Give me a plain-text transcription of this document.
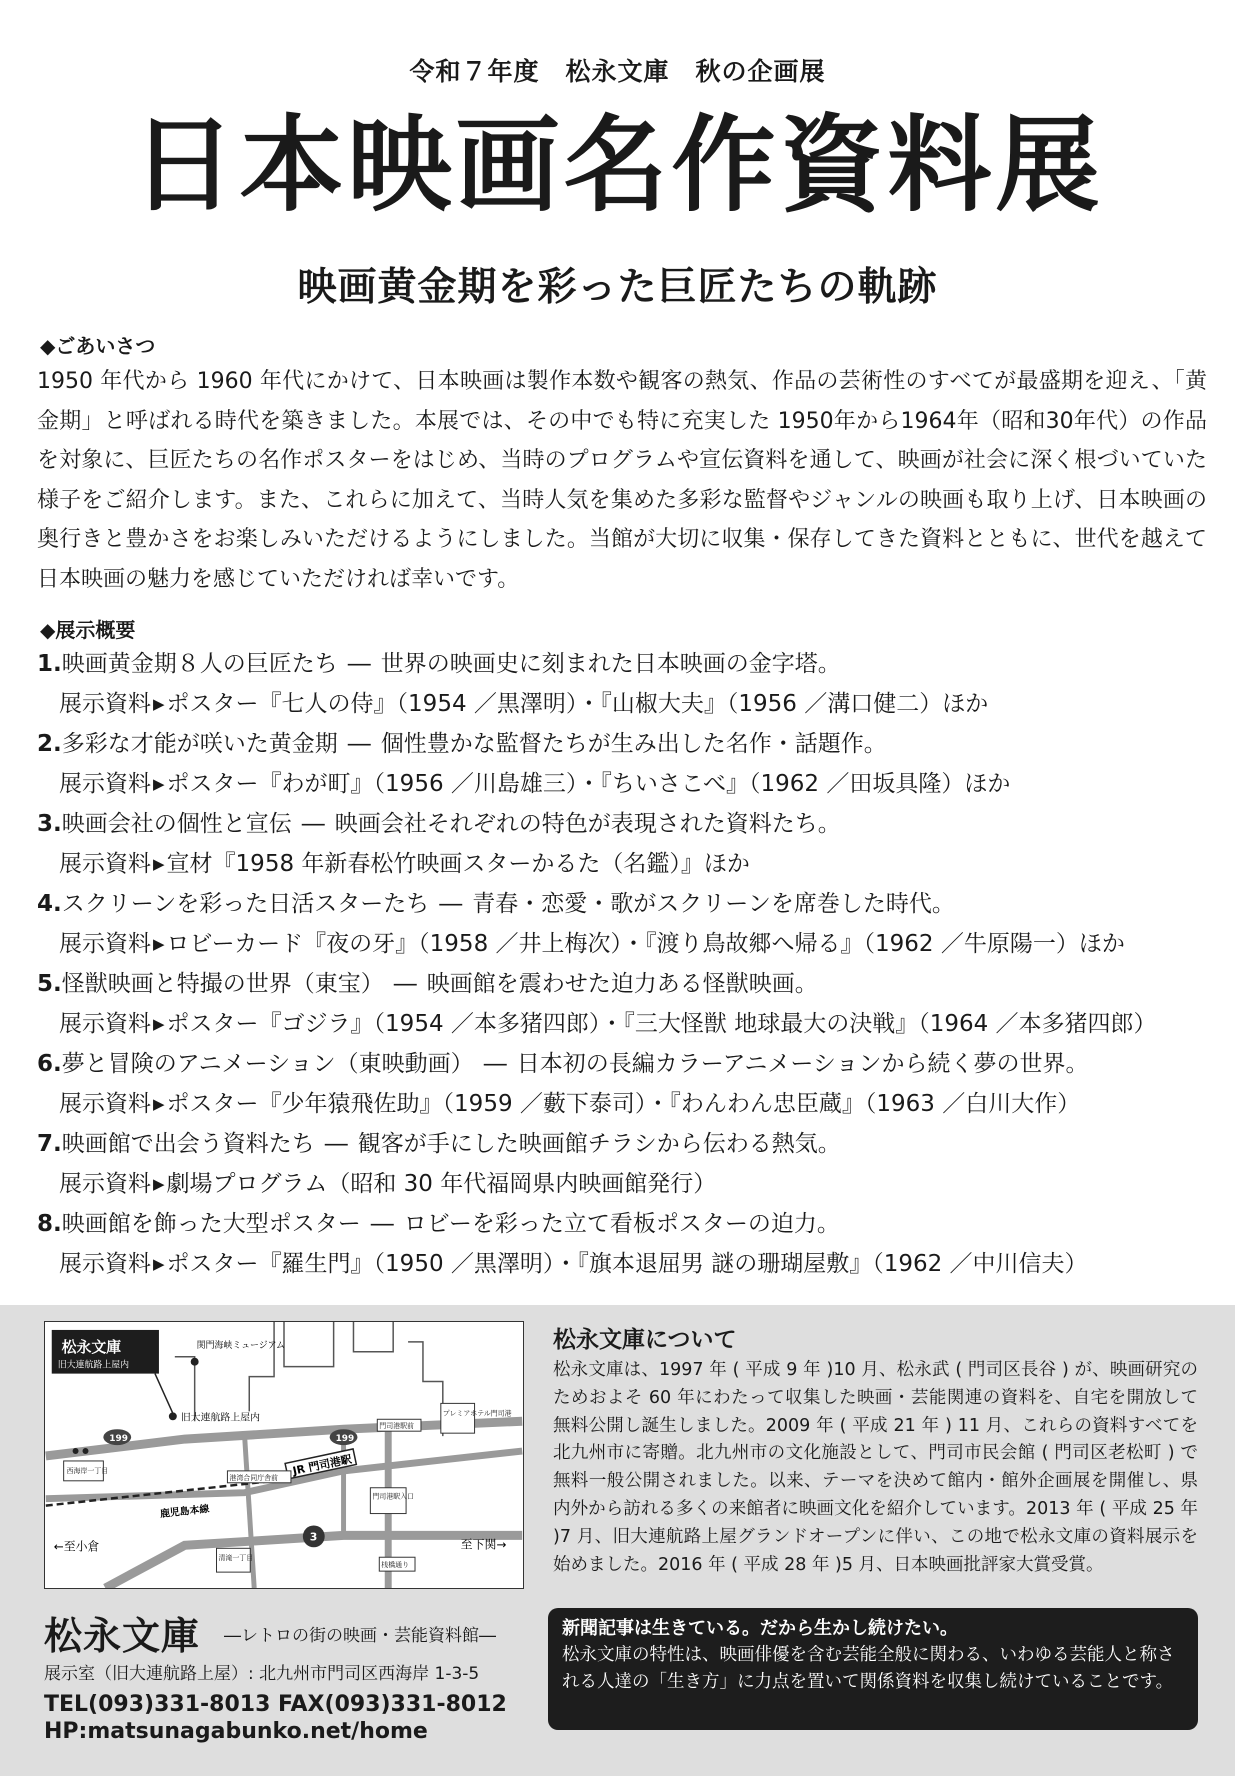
令和７年度　松永文庫　秋の企画展
日本映画名作資料展
映画黄金期を彩った巨匠たちの軌跡
◆ごあいさつ
1950 年代から 1960 年代にかけて、日本映画は製作本数や観客の熱気、作品の芸術性のすべてが最盛期を迎え、「黄金期」と呼ばれる時代を築きました。本展では、その中でも特に充実した 1950年から1964年（昭和30年代）の作品を対象に、巨匠たちの名作ポスターをはじめ、当時のプログラムや宣伝資料を通して、映画が社会に深く根づいていた様子をご紹介します。また、これらに加えて、当時人気を集めた多彩な監督やジャンルの映画も取り上げ、日本映画の奥行きと豊かさをお楽しみいただけるようにしました。当館が大切に収集・保存してきた資料とともに、世代を越えて日本映画の魅力を感じていただければ幸いです。
◆展示概要
1.映画黄金期８人の巨匠たち ― 世界の映画史に刻まれた日本映画の金字塔。
展示資料 ▶ポスター『七人の侍』（1954 ／黒澤明）・『山椒大夫』（1956 ／溝口健二）ほか
2.多彩な才能が咲いた黄金期 ― 個性豊かな監督たちが生み出した名作・話題作。
展示資料 ▶ポスター『わが町』（1956 ／川島雄三）・『ちいさこべ』（1962 ／田坂具隆）ほか
3.映画会社の個性と宣伝 ― 映画会社それぞれの特色が表現された資料たち。
展示資料 ▶宣材『1958 年新春松竹映画スターかるた（名鑑）』ほか
4.スクリーンを彩った日活スターたち ― 青春・恋愛・歌がスクリーンを席巻した時代。
展示資料 ▶ロビーカード『夜の牙』（1958 ／井上梅次）・『渡り鳥故郷へ帰る』（1962 ／牛原陽一）ほか
5.怪獣映画と特撮の世界（東宝） ― 映画館を震わせた迫力ある怪獣映画。
展示資料 ▶ポスター『ゴジラ』（1954 ／本多猪四郎）・『三大怪獣 地球最大の決戦』（1964 ／本多猪四郎）
6.夢と冒険のアニメーション（東映動画） ― 日本初の長編カラーアニメーションから続く夢の世界。
展示資料 ▶ポスター『少年猿飛佐助』（1959 ／藪下泰司）・『わんわん忠臣蔵』（1963 ／白川大作）
7.映画館で出会う資料たち ― 観客が手にした映画館チラシから伝わる熱気。
展示資料 ▶劇場プログラム（昭和 30 年代福岡県内映画館発行）
8.映画館を飾った大型ポスター ― ロビーを彩った立て看板ポスターの迫力。
展示資料 ▶ポスター『羅生門』（1950 ／黒澤明）・『旗本退屈男 謎の珊瑚屋敷』（1962 ／中川信夫）
松永文庫
旧大連航路上屋内
関門海峡ミュージアム
旧大連航路上屋内
199	199
3
JR 門司港駅
鹿児島本線
←至小倉	至下関→
西海岸一丁目
門司港駅前
プレミアホテル門司港
港湾合同庁舎前
門司港駅入口
清滝一丁目
桟橋通り
松永文庫 ―レトロの街の映画・芸能資料館―
展示室（旧大連航路上屋）: 北九州市門司区西海岸 1-3-5
TEL(093)331-8013 FAX(093)331-8012
HP:matsunagabunko.net/home
松永文庫について
松永文庫は、1997 年 ( 平成 9 年 )10 月、松永武 ( 門司区長谷 ) が、映画研究のためおよそ 60 年にわたって収集した映画・芸能関連の資料を、自宅を開放して無料公開し誕生しました。2009 年 ( 平成 21 年 ) 11 月、これらの資料すべてを北九州市に寄贈。北九州市の文化施設として、門司市民会館 ( 門司区老松町 ) で無料一般公開されました。以来、テーマを決めて館内・館外企画展を開催し、県内外から訪れる多くの来館者に映画文化を紹介しています。2013 年 ( 平成 25 年 )7 月、旧大連航路上屋グランドオープンに伴い、この地で松永文庫の資料展示を始めました。2016 年 ( 平成 28 年 )5 月、日本映画批評家大賞受賞。
新聞記事は生きている。だから生かし続けたい。
松永文庫の特性は、映画俳優を含む芸能全般に関わる、いわゆる芸能人と称される人達の「生き方」に力点を置いて関係資料を収集し続けていることです。
